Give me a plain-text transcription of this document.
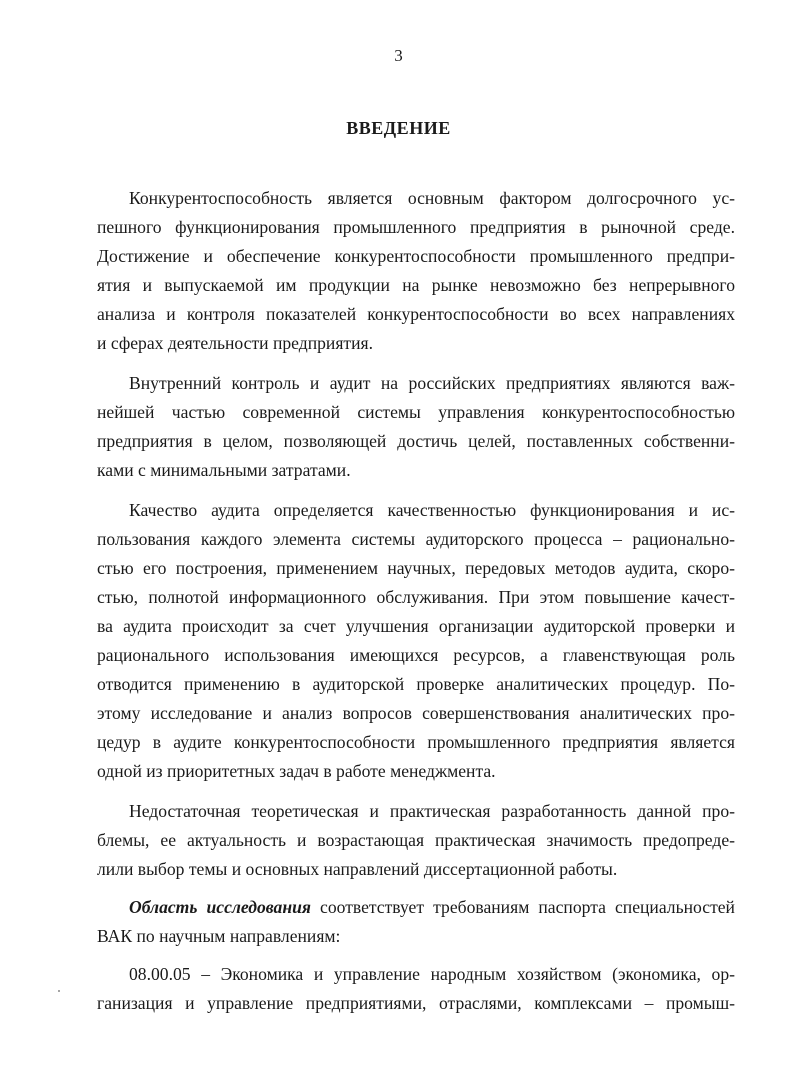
3
ВВЕДЕНИЕ
Конкурентоспособность является основным фактором долгосрочного ус-
пешного функционирования промышленного предприятия в рыночной среде.
Достижение и обеспечение конкурентоспособности промышленного предпри-
ятия и выпускаемой им продукции на рынке невозможно без непрерывного
анализа и контроля показателей конкурентоспособности во всех направлениях
и сферах деятельности предприятия.
Внутренний контроль и аудит на российских предприятиях являются важ-
нейшей частью современной системы управления конкурентоспособностью
предприятия в целом, позволяющей достичь целей, поставленных собственни-
ками с минимальными затратами.
Качество аудита определяется качественностью функционирования и ис-
пользования каждого элемента системы аудиторского процесса – рациональнo-
стью его построения, применением научных, передовых методов аудита, скоро-
стью, полнотой информационного обслуживания. При этом повышение качест-
ва аудита происходит за счет улучшения организации аудиторской проверки и
рационального использования имеющихся ресурсов, а главенствующая роль
отводится применению в аудиторской проверке аналитических процедур. По-
этому исследование и анализ вопросов совершенствования аналитических про-
цедур в аудите конкурентоспособности промышленного предприятия является
одной из приоритетных задач в работе менеджмента.
Недостаточная теоретическая и практическая разработанность данной про-
блемы, ее актуальность и возрастающая практическая значимость предопреде-
лили выбор темы и основных направлений диссертационной работы.
Область исследования соответствует требованиям паспорта специальностей
ВАК по научным направлениям:
08.00.05 – Экономика и управление народным хозяйством (экономика, ор-
ганизация и управление предприятиями, отраслями, комплексами – промыш-
